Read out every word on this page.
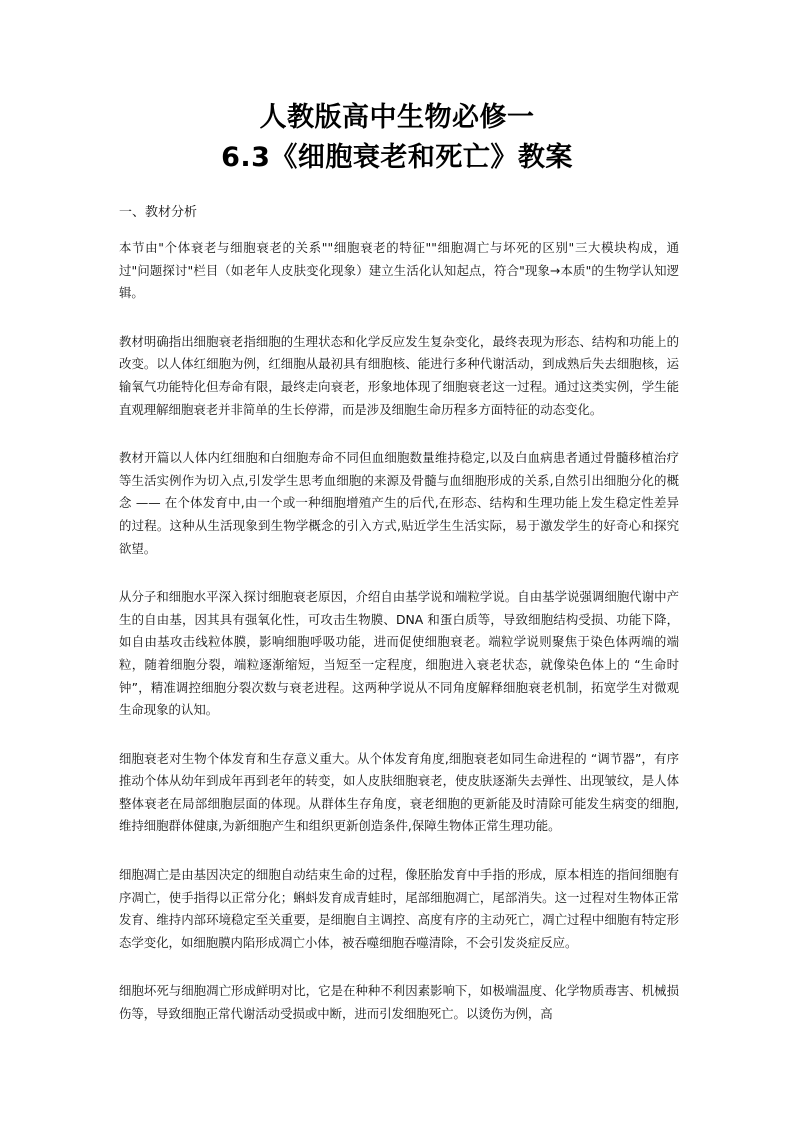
人教版高中生物必修一
6.3《细胞衰老和死亡》教案
一、教材分析

本节由"个体衰老与细胞衰老的关系""细胞衰老的特征""细胞凋亡与坏死的区别"三大模块构成，通过"问题探讨"栏目（如老年人皮肤变化现象）建立生活化认知起点，符合"现象→本质"的生物学认知逻辑。

教材明确指出细胞衰老指细胞的生理状态和化学反应发生复杂变化，最终表现为形态、结构和功能上的改变。以人体红细胞为例，红细胞从最初具有细胞核、能进行多种代谢活动，到成熟后失去细胞核，运输氧气功能特化但寿命有限，最终走向衰老，形象地体现了细胞衰老这一过程。通过这类实例，学生能直观理解细胞衰老并非简单的生长停滞，而是涉及细胞生命历程多方面特征的动态变化。

教材开篇以人体内红细胞和白细胞寿命不同但血细胞数量维持稳定,以及白血病患者通过骨髓移植治疗等生活实例作为切入点,引发学生思考血细胞的来源及骨髓与血细胞形成的关系,自然引出细胞分化的概念 —— 在个体发育中,由一个或一种细胞增殖产生的后代,在形态、结构和生理功能上发生稳定性差异的过程。这种从生活现象到生物学概念的引入方式,贴近学生生活实际，易于激发学生的好奇心和探究欲望。

从分子和细胞水平深入探讨细胞衰老原因，介绍自由基学说和端粒学说。自由基学说强调细胞代谢中产生的自由基，因其具有强氧化性，可攻击生物膜、DNA 和蛋白质等，导致细胞结构受损、功能下降，如自由基攻击线粒体膜，影响细胞呼吸功能，进而促使细胞衰老。端粒学说则聚焦于染色体两端的端粒，随着细胞分裂，端粒逐渐缩短，当短至一定程度，细胞进入衰老状态，就像染色体上的 “生命时钟”，精准调控细胞分裂次数与衰老进程。这两种学说从不同角度解释细胞衰老机制，拓宽学生对微观生命现象的认知。

细胞衰老对生物个体发育和生存意义重大。从个体发育角度,细胞衰老如同生命进程的 “调节器”，有序推动个体从幼年到成年再到老年的转变，如人皮肤细胞衰老，使皮肤逐渐失去弹性、出现皱纹，是人体整体衰老在局部细胞层面的体现。从群体生存角度，衰老细胞的更新能及时清除可能发生病变的细胞,维持细胞群体健康,为新细胞产生和组织更新创造条件,保障生物体正常生理功能。

细胞凋亡是由基因决定的细胞自动结束生命的过程，像胚胎发育中手指的形成，原本相连的指间细胞有序凋亡，使手指得以正常分化；蝌蚪发育成青蛙时，尾部细胞凋亡，尾部消失。这一过程对生物体正常发育、维持内部环境稳定至关重要，是细胞自主调控、高度有序的主动死亡，凋亡过程中细胞有特定形态学变化，如细胞膜内陷形成凋亡小体，被吞噬细胞吞噬清除，不会引发炎症反应。

细胞坏死与细胞凋亡形成鲜明对比，它是在种种不利因素影响下，如极端温度、化学物质毒害、机械损伤等，导致细胞正常代谢活动受损或中断，进而引发细胞死亡。以烫伤为例，高
